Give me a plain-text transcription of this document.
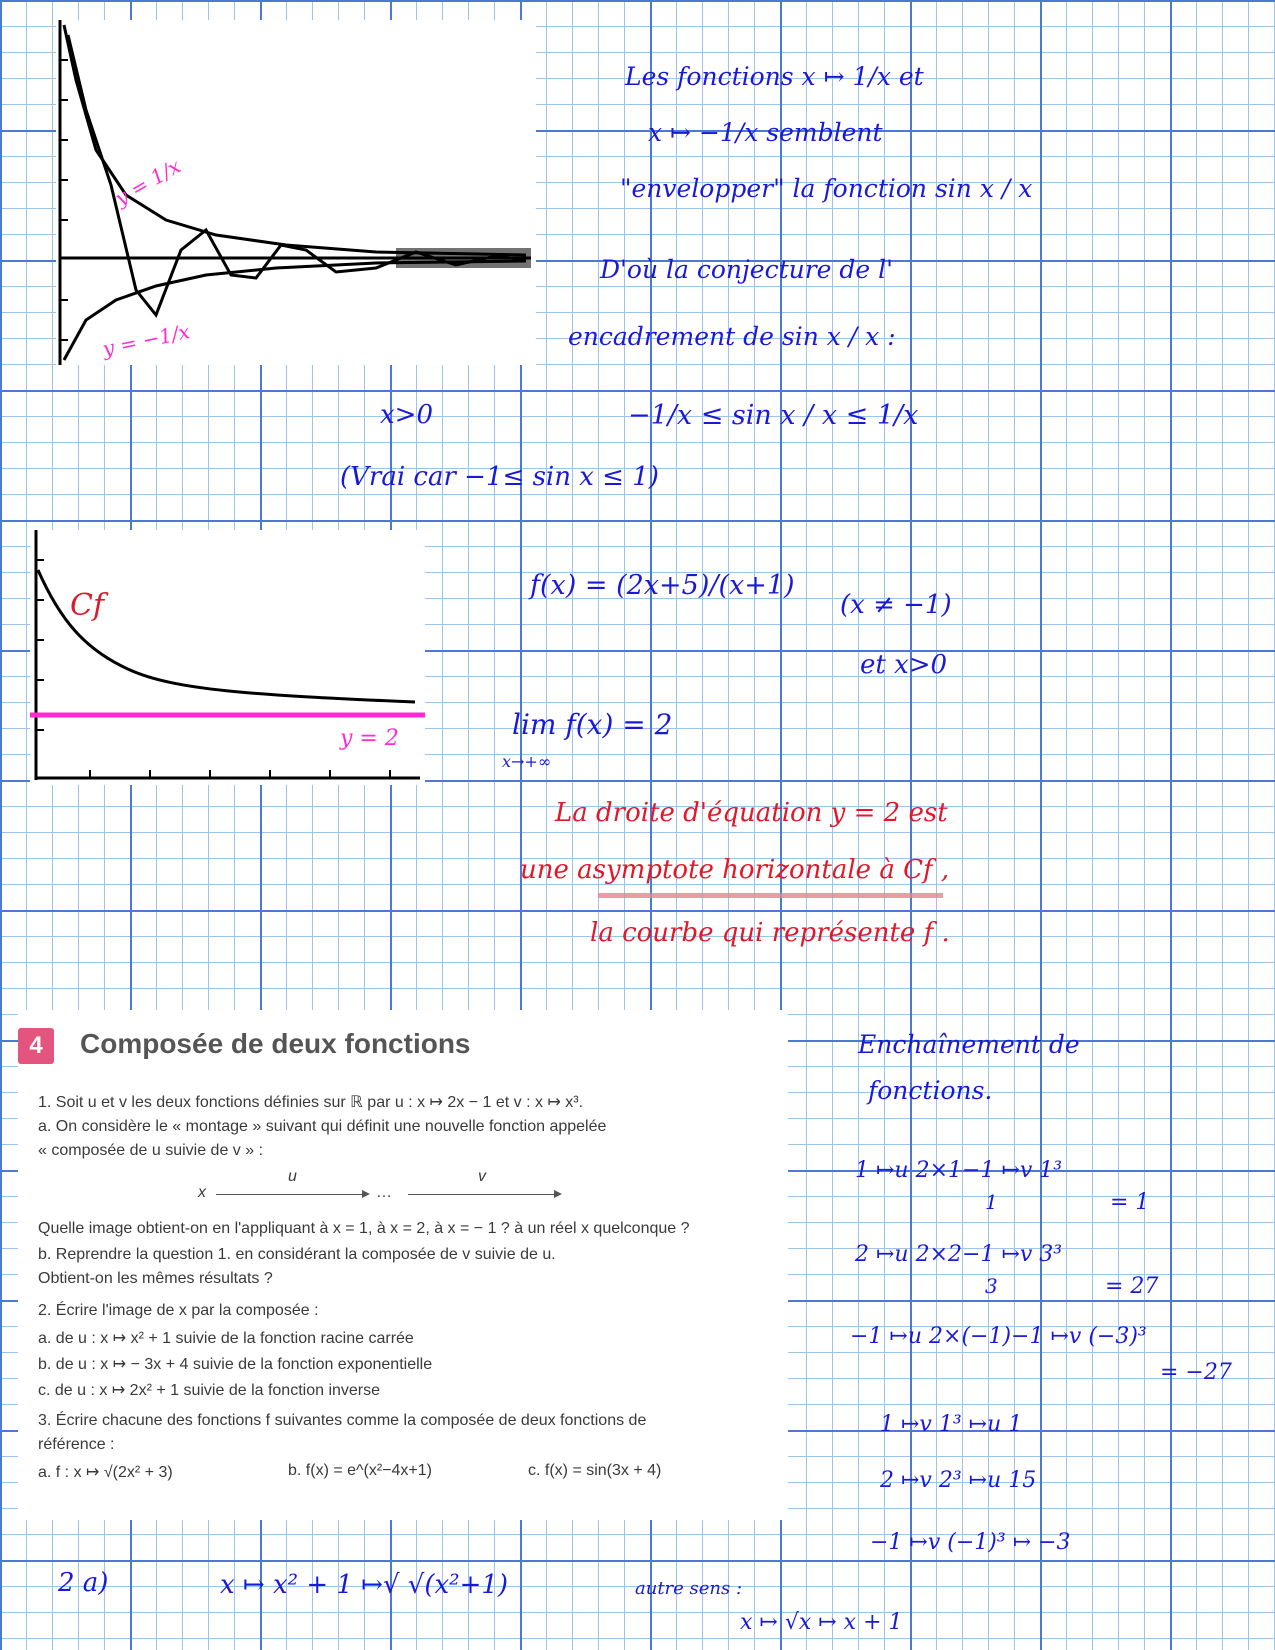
y = 1/x
y = −1/x
Les fonctions x ↦ 1/x et
x ↦ −1/x semblent
"envelopper" la fonction sin x / x
D'où la conjecture de l'
encadrement de sin x / x :
x>0	−1/x ≤ sin x / x ≤ 1/x
(Vrai car −1≤ sin x ≤ 1)
Cf
y = 2
f(x) = (2x+5)/(x+1)
(x ≠ −1)
et x>0
lim f(x) = 2
x→+∞
La droite d'équation y = 2 est
une asymptote horizontale à Cf ,
la courbe qui représente f .
4	Composée de deux fonctions
1. Soit u et v les deux fonctions définies sur ℝ par u : x ↦ 2x − 1 et v : x ↦ x³.
a. On considère le « montage » suivant qui définit une nouvelle fonction appelée
« composée de u suivie de v » :
x
u
…
v
Quelle image obtient-on en l'appliquant à x = 1, à x = 2, à x = − 1 ? à un réel x quelconque ?
b. Reprendre la question 1. en considérant la composée de v suivie de u.
Obtient-on les mêmes résultats ?
2. Écrire l'image de x par la composée :
a. de u : x ↦ x² + 1 suivie de la fonction racine carrée
b. de u : x ↦ − 3x + 4 suivie de la fonction exponentielle
c. de u : x ↦ 2x² + 1 suivie de la fonction inverse
3. Écrire chacune des fonctions f suivantes comme la composée de deux fonctions de
référence :
a. f : x ↦ √(2x² + 3)	b. f(x) = e^(x²−4x+1)	c. f(x) = sin(3x + 4)
Enchaînement de
fonctions.
1 ↦u 2×1−1 ↦v 1³
1	= 1
2 ↦u 2×2−1 ↦v 3³
3	= 27
−1 ↦u 2×(−1)−1 ↦v (−3)³
= −27
1 ↦v 1³ ↦u 1
2 ↦v 2³ ↦u 15
−1 ↦v (−1)³ ↦ −3
2 a)	x ↦ x² + 1 ↦√ √(x²+1)	autre sens :
x ↦ √x ↦ x + 1
